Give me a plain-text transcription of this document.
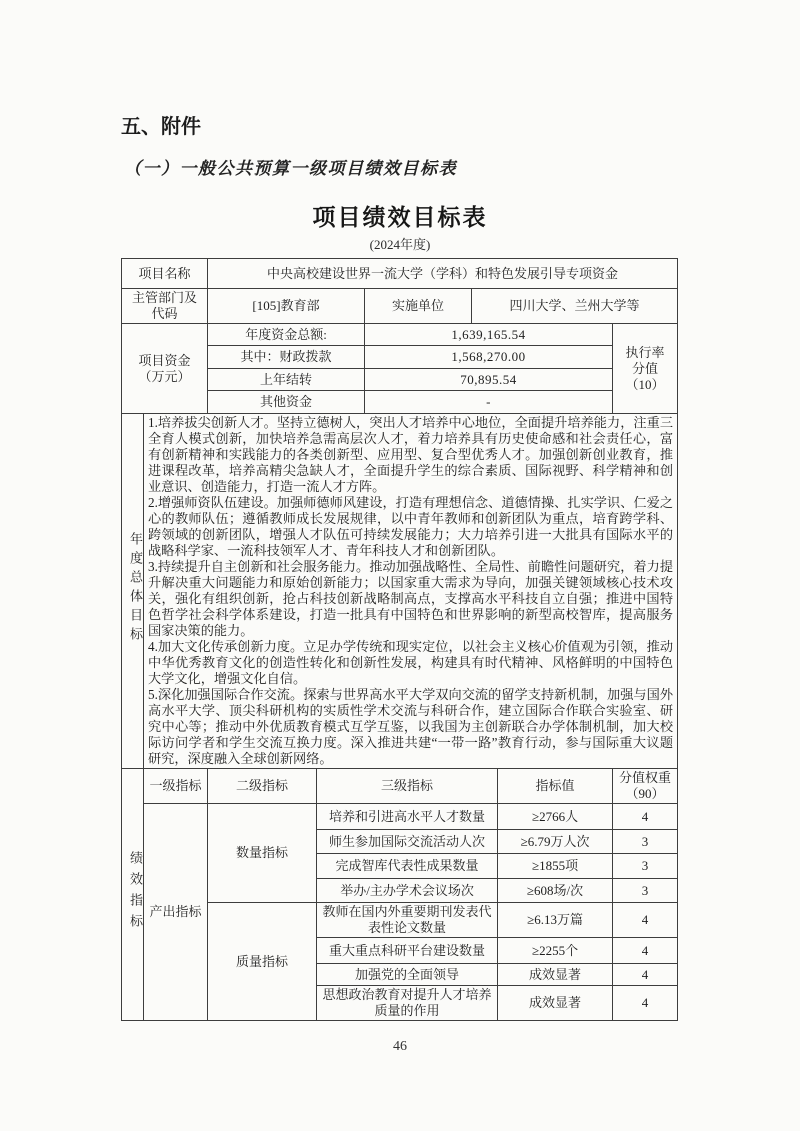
五、附件
（一）一般公共预算一级项目绩效目标表
项目绩效目标表
(2024年度)
项目名称		中央高校建设世界一流大学（学科）和特色发展引导专项资金					
主管部门及代码		[105]教育部		实施单位	四川大学、兰州大学等		

项目资金
（万元）
	年度资金总额:	1,639,165.54	
执行率
分值（10）

		其中：财政拨款		1,568,270.00			
		上年结转		70,895.54			
		其他资金		-			
年度总体目标	1.培养拔尖创新人才。坚持立德树人，突出人才培养中心地位，全面提升培养能力，注重三全育人模式创新，加快培养急需高层次人才，着力培养具有历史使命感和社会责任心，富有创新精神和实践能力的各类创新型、应用型、复合型优秀人才。加强创新创业教育，推进课程改革，培养高精尖急缺人才，全面提升学生的综合素质、国际视野、科学精神和创业意识、创造能力，打造一流人才方阵。

2.增强师资队伍建设。加强师德师风建设，打造有理想信念、道德情操、扎实学识、仁爱之心的教师队伍；遵循教师成长发展规律，以中青年教师和创新团队为重点，培育跨学科、跨领域的创新团队，增强人才队伍可持续发展能力；大力培养引进一大批具有国际水平的战略科学家、一流科技领军人才、青年科技人才和创新团队。

3.持续提升自主创新和社会服务能力。推动加强战略性、全局性、前瞻性问题研究，着力提升解决重大问题能力和原始创新能力；以国家重大需求为导向，加强关键领域核心技术攻关，强化有组织创新，抢占科技创新战略制高点，支撑高水平科技自立自强；推进中国特色哲学社会科学体系建设，打造一批具有中国特色和世界影响的新型高校智库，提高服务国家决策的能力。

4.加大文化传承创新力度。立足办学传统和现实定位，以社会主义核心价值观为引领，推动中华优秀教育文化的创造性转化和创新性发展，构建具有时代精神、风格鲜明的中国特色大学文化，增强文化自信。

5.深化加强国际合作交流。探索与世界高水平大学双向交流的留学支持新机制，加强与国外高水平大学、顶尖科研机构的实质性学术交流与科研合作，建立国际合作联合实验室、研究中心等；推动中外优质教育模式互学互鉴，以我国为主创新联合办学体制机制，加大校际访问学者和学生交流互换力度。深入推进共建“一带一路”教育行动，参与国际重大议题研究，深度融入全球创新网络。						

绩效指标	一级指标	二级指标	三级指标			指标值	分值权重
（90）

	产出指标	数量指标	培养和引进高水平人才数量			≥2766人	4
			师生参加国际交流活动人次			≥6.79万人次	3
			完成智库代表性成果数量			≥1855项	3
			举办/主办学术会议场次			≥608场/次	3
		质量指标	教师在国内外重要期刊发表代表性论文数量			≥6.13万篇	4
			重大重点科研平台建设数量			≥2255个	4
			加强党的全面领导			成效显著	4
			思想政治教育对提升人才培养质量的作用			成效显著	4
46
